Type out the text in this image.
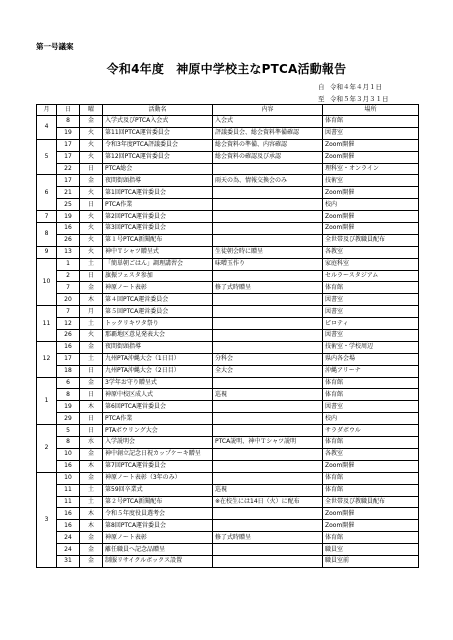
第一号議案
令和4年度　神原中学校主なPTCA活動報告
自 令和４年４月１日
至 令和５年３月３１日
月	日	曜	活動名	内容	場所
4	8	金	入学式及びPTCA入会式	入会式	体育館
	19	火	第11回PTCA運営委員会	評議委員会、総会資料準備確認	図書室
5	17	火	令和3年度PTCA評議委員会	総会資料の準備、内容確認	Zoom開催
	17	火	第12回PTCA運営委員会	総会資料の確認及び承認	Zoom開催
	22	日	PTCA総会		理科室・オンライン
6	17	金	夜間街頭指導	雨天の為、情報交換会のみ	技術室
	21	火	第1回PTCA運営委員会		Zoom開催
	25	日	PTCA作業		校内
7	19	火	第2回PTCA運営委員会		Zoom開催
8	16	火	第3回PTCA運営委員会		Zoom開催
	26	火	第１号PTCA新聞配布		全世帯及び教職員配布
9	13	火	神中Ｔシャツ贈呈式	生徒朝会時に贈呈	各教室
10	1	土	「簡単朝ごはん」調理講習会	味噌玉作り	家庭科室
	2	日	旗振フェスタ参加		セルラースタジアム
	7	金	神原ノート表彰	修了式時贈呈	体育館
	20	木	第４回PTCA運営委員会		図書室
11	7	月	第５回PTCA運営委員会		図書室
	12	土	トックリキワタ祭り		ピロティ
	26	火	那覇地区意見発表大会		図書室
12	16	金	夜間街頭指導		技術室・学校周辺
	17	土	九州PTA沖縄大会（1日目）	分科会	県内各会場
	18	日	九州PTA沖縄大会（2日目）	全大会	沖縄アリーナ
1	6	金	3学年お守り贈呈式		体育館
	8	日	神原中校区成人式	巡視	体育館
	19	木	第6回PTCA運営委員会		図書室
	29	日	PTCA作業		校内
2	5	日	PTAボウリング大会		サラダボウル
	8	水	入学説明会	PTCA説明、神中Ｔシャツ説明	体育館
	10	金	神中創立記念日祝カップケーキ贈呈		各教室
	16	木	第7回PTCA運営委員会		Zoom開催
3	10	金	神原ノート表彰（3年のみ）		体育館
	11	土	第59回卒業式	巡視	体育館
	11	土	第２号PTCA新聞配布	※在校生には14日（火）に配布	全世帯及び教職員配布
	16	木	令和５年度役員選考会		Zoom開催
	16	木	第8回PTCA運営委員会		Zoom開催
	24	金	神原ノート表彰	修了式時贈呈	体育館
	24	金	離任職員へ記念品贈呈		職員室
	31	金	制服リサイクルボックス設置		職員室前
